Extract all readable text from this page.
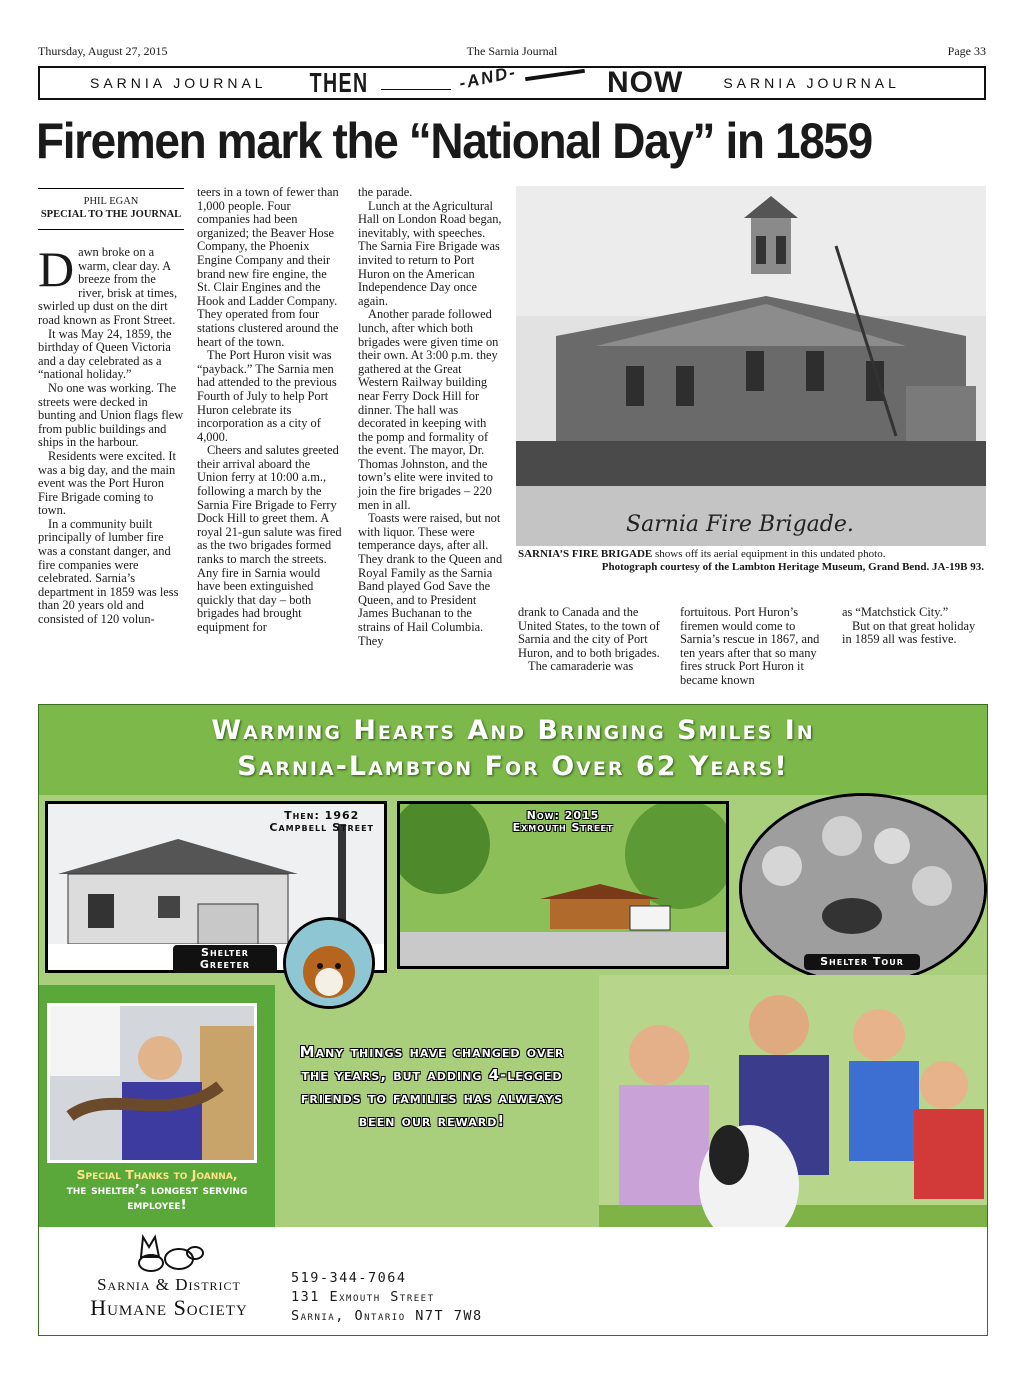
Thursday, August 27, 2015	The Sarnia Journal	Page 33
SARNIA JOURNAL THEN	-AND-	NOW	SARNIA JOURNAL
Firemen mark the “National Day” in 1859
PHIL EGAN
SPECIAL TO THE JOURNAL

Dawn broke on a warm, clear day. A breeze from the river, brisk at times, swirled up dust on the dirt road known as Front Street.

It was May 24, 1859, the birthday of Queen Victoria and a day celebrated as a “national holiday.”

No one was working. The streets were decked in bunting and Union flags flew from public buildings and ships in the harbour.

Residents were excited. It was a big day, and the main event was the Port Huron Fire Brigade coming to town.

In a community built principally of lumber fire was a constant danger, and fire companies were celebrated. Sarnia’s department in 1859 was less than 20 years old and consisted of 120 volun-

teers in a town of fewer than 1,000 people. Four companies had been organized; the Beaver Hose Company, the Phoenix Engine Company and their brand new fire engine, the St. Clair Engines and the Hook and Ladder Company. They operated from four stations clustered around the heart of the town.

The Port Huron visit was “payback.” The Sarnia men had attended to the previous Fourth of July to help Port Huron celebrate its incorporation as a city of 4,000.

Cheers and salutes greeted their arrival aboard the Union ferry at 10:00 a.m., following a march by the Sarnia Fire Brigade to Ferry Dock Hill to greet them. A royal 21-gun salute was fired as the two brigades formed ranks to march the streets. Any fire in Sarnia would have been extinguished quickly that day – both brigades had brought equipment for

the parade.

Lunch at the Agricultural Hall on London Road began, inevitably, with speeches. The Sarnia Fire Brigade was invited to return to Port Huron on the American Independence Day once again.

Another parade followed lunch, after which both brigades were given time on their own. At 3:00 p.m. they gathered at the Great Western Railway building near Ferry Dock Hill for dinner. The hall was decorated in keeping with the pomp and formality of the event. The mayor, Dr. Thomas Johnston, and the town’s elite were invited to join the fire brigades – 220 men in all.

Toasts were raised, but not with liquor. These were temperance days, after all. They drank to the Queen and Royal Family as the Sarnia Band played God Save the Queen, and to President James Buchanan to the strains of Hail Columbia. They

Sarnia Fire Brigade.
SARNIA’S FIRE BRIGADE shows off its aerial equipment in this undated photo.
Photograph courtesy of the Lambton Heritage Museum, Grand Bend. JA-19B 93.

drank to Canada and the United States, to the town of Sarnia and the city of Port Huron, and to both brigades.

The camaraderie was

fortuitous. Port Huron’s firemen would come to Sarnia’s rescue in 1867, and ten years after that so many fires struck Port Huron it became known

as “Matchstick City.”

But on that great holiday in 1859 all was festive.

Warming Hearts And Bringing Smiles In
Sarnia-Lambton For Over 62 Years!
Then: 1962
Campbell Street
Now: 2015
Exmouth Street
Shelter Tour
Shelter
Greeter
Special Thanks to Joanna,
the shelter’s longest serving employee!
Many things have changed over the years, but adding 4-legged friends to families has alweays been our reward!
Sarnia & District
Humane Society
519-344-7064
131 Exmouth Street
Sarnia, Ontario N7T 7W8
